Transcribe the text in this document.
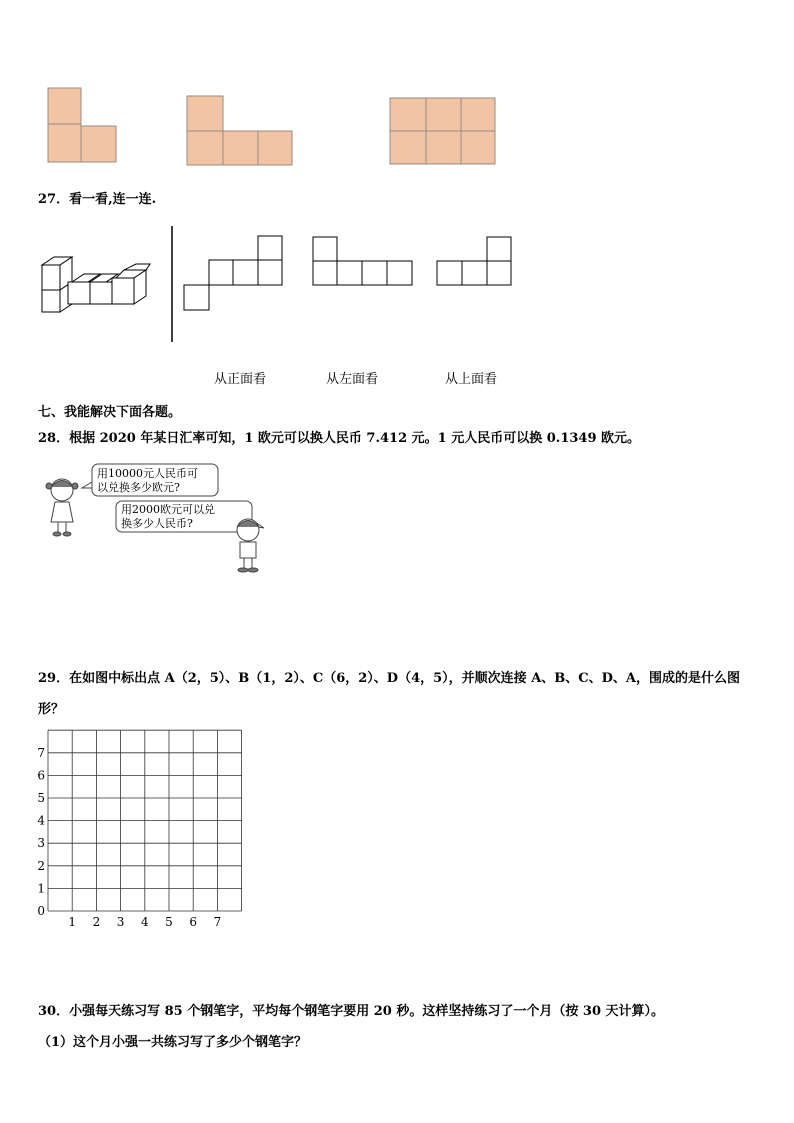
27．看一看,连一连.
从正面看	从左面看	从上面看
七、我能解决下面各题。
28．根据 2020 年某日汇率可知，1 欧元可以换人民币 7.412 元。1 元人民币可以换 0.1349 欧元。
用10000元人民币可
以兑换多少欧元?
用2000欧元可以兑
换多少人民币?
29．在如图中标出点 A（2，5）、B（1，2）、C（6，2）、D（4，5），并顺次连接 A、B、C、D、A，围成的是什么图
形？
1 2 3 4 5 6 7
0
1
2
3
4
5
6
7
30．小强每天练习写 85 个钢笔字，平均每个钢笔字要用 20 秒。这样坚持练习了一个月（按 30 天计算）。
（1）这个月小强一共练习写了多少个钢笔字？
